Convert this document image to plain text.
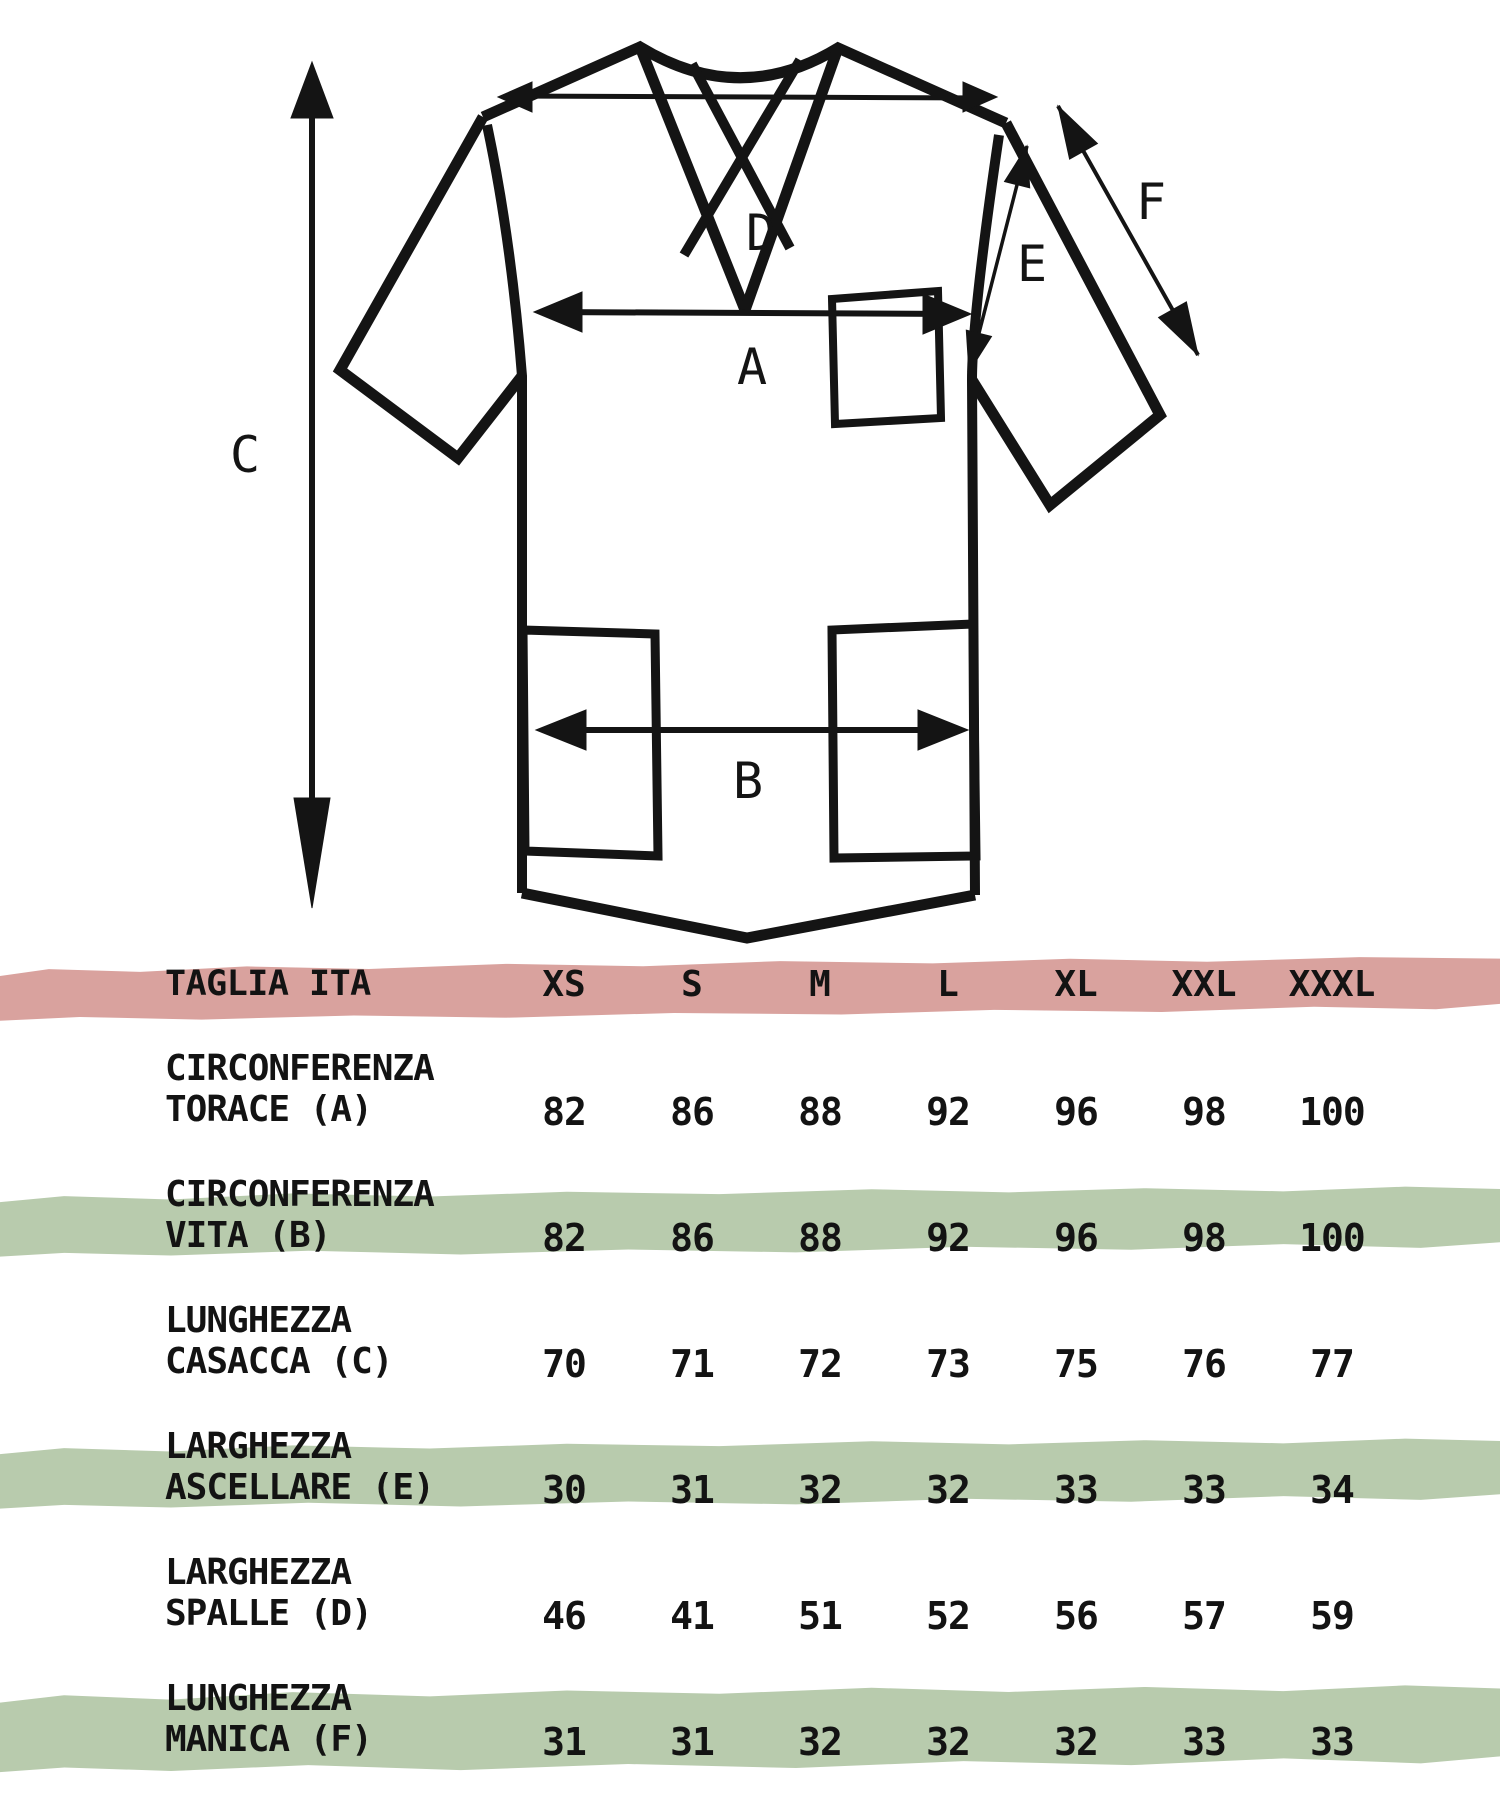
D
A
B
C
E
F
TAGLIA ITA	XS	S	M	L	XL	XXL	XXXL
CIRCONFERENZA
TORACE (A)	82	86	88	92	96	98	100
CIRCONFERENZA
VITA (B)	82	86	88	92	96	98	100
LUNGHEZZA
CASACCA (C)	70	71	72	73	75	76	77
LARGHEZZA
ASCELLARE (E)	30	31	32	32	33	33	34
LARGHEZZA
SPALLE (D)	46	41	51	52	56	57	59
LUNGHEZZA
MANICA (F)	31	31	32	32	32	33	33
